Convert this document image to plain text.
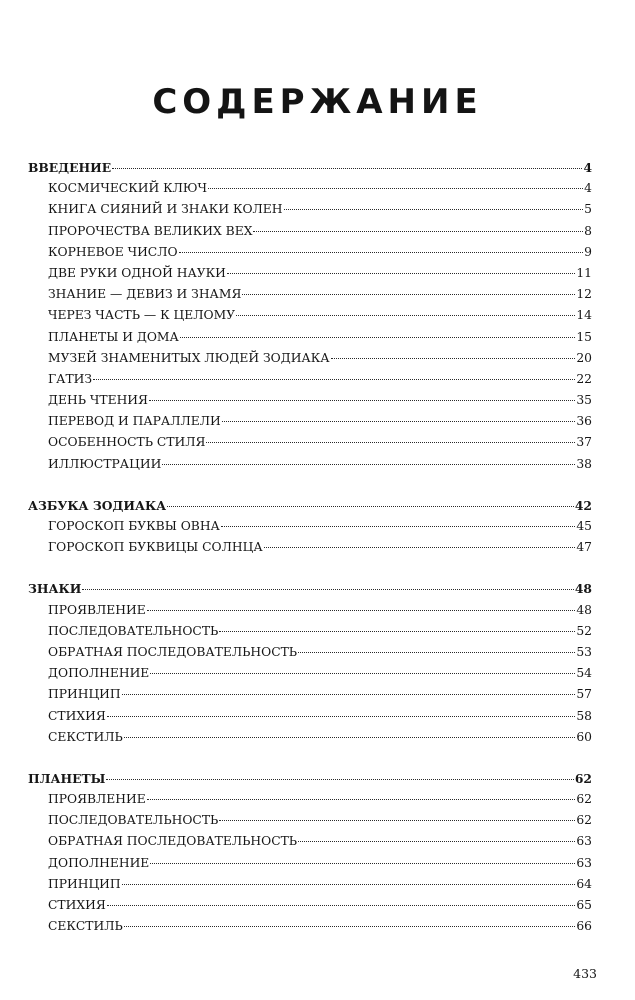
СОДЕРЖАНИЕ
ВВЕДЕНИЕ	4
КОСМИЧЕСКИЙ КЛЮЧ	4
КНИГА СИЯНИЙ И ЗНАКИ КОЛЕН	5
ПРОРОЧЕСТВА ВЕЛИКИХ ВЕХ	8
КОРНЕВОЕ ЧИСЛО	9
ДВЕ РУКИ ОДНОЙ НАУКИ	11
ЗНАНИЕ — ДЕВИЗ И ЗНАМЯ	12
ЧЕРЕЗ ЧАСТЬ — К ЦЕЛОМУ	14
ПЛАНЕТЫ И ДОМА	15
МУЗЕЙ ЗНАМЕНИТЫХ ЛЮДЕЙ ЗОДИАКА	20
ГАТИЗ	22
ДЕНЬ ЧТЕНИЯ	35
ПЕРЕВОД И ПАРАЛЛЕЛИ	36
ОСОБЕННОСТЬ СТИЛЯ	37
ИЛЛЮСТРАЦИИ	38
АЗБУКА ЗОДИАКА	42
ГОРОСКОП БУКВЫ ОВНА	45
ГОРОСКОП БУКВИЦЫ СОЛНЦА	47
ЗНАКИ	48
ПРОЯВЛЕНИЕ	48
ПОСЛЕДОВАТЕЛЬНОСТЬ	52
ОБРАТНАЯ ПОСЛЕДОВАТЕЛЬНОСТЬ	53
ДОПОЛНЕНИЕ	54
ПРИНЦИП	57
СТИХИЯ	58
СЕКСТИЛЬ	60
ПЛАНЕТЫ	62
ПРОЯВЛЕНИЕ	62
ПОСЛЕДОВАТЕЛЬНОСТЬ	62
ОБРАТНАЯ ПОСЛЕДОВАТЕЛЬНОСТЬ	63
ДОПОЛНЕНИЕ	63
ПРИНЦИП	64
СТИХИЯ	65
СЕКСТИЛЬ	66
433
